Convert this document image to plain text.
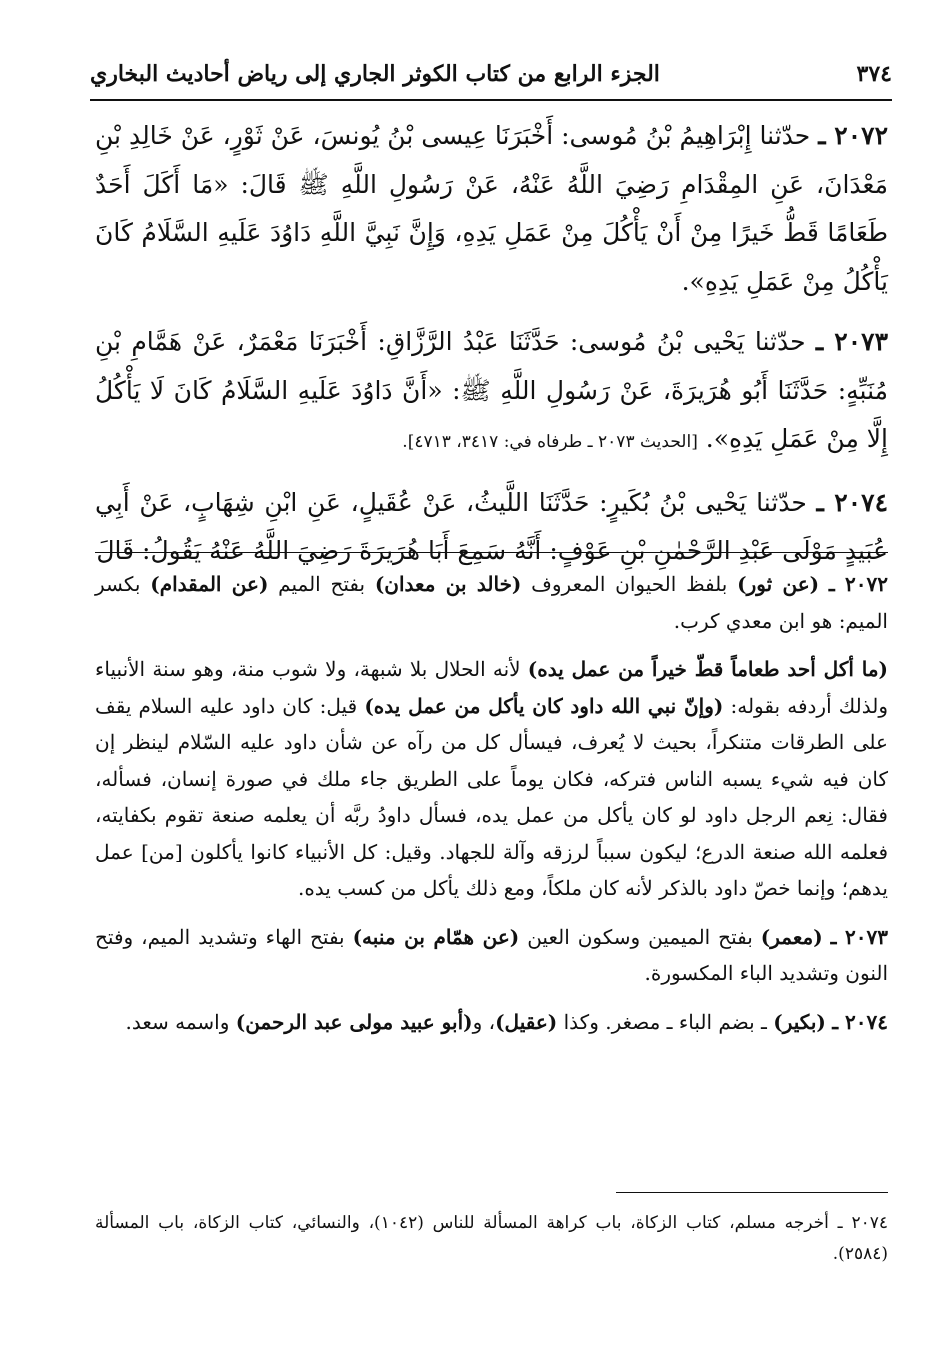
٣٧٤
الجزء الرابع من كتاب الكوثر الجاري إلى رياض أحاديث البخاري

٢٠٧٢ ـ حدّثنا إِبْرَاهِيمُ بْنُ مُوسى: أَخْبَرَنَا عِيسى بْنُ يُونسَ، عَنْ ثَوْرٍ، عَنْ خَالِدِ بْنِ مَعْدَانَ، عَنِ المِقْدَامِ رَضِيَ اللَّهُ عَنْهُ، عَنْ رَسُولِ اللَّهِ ﷺ قَالَ: «مَا أَكَلَ أَحَدٌ طَعَامًا قَطُّ خَيرًا مِنْ أَنْ يَأْكُلَ مِنْ عَمَلِ يَدِهِ، وَإِنَّ نَبِيَّ اللَّهِ دَاوُدَ عَلَيهِ السَّلَامُ كَانَ يَأْكُلُ مِنْ عَمَلِ يَدِهِ».

٢٠٧٣ ـ حدّثنا يَحْيى بْنُ مُوسى: حَدَّثَنَا عَبْدُ الرَّزَّاقِ: أَخْبَرَنَا مَعْمَرٌ، عَنْ هَمَّامِ بْنِ مُنَبِّهٍ: حَدَّثَنَا أَبُو هُرَيرَةَ، عَنْ رَسُولِ اللَّهِ ﷺ: «أَنَّ دَاوُدَ عَلَيهِ السَّلَامُ كَانَ لَا يَأْكُلُ إِلَّا مِنْ عَمَلِ يَدِهِ». [الحديث ٢٠٧٣ ـ طرفاه في: ٣٤١٧، ٤٧١٣].

٢٠٧٤ ـ حدّثنا يَحْيى بْنُ بُكَيرٍ: حَدَّثَنَا اللَّيثُ، عَنْ عُقَيلٍ، عَنِ ابْنِ شِهَابٍ، عَنْ أَبِي عُبَيدٍ مَوْلَى عَبْدِ الرَّحْمٰنِ بْنِ عَوْفٍ: أَنَّهُ سَمِعَ أَبَا هُرَيرَةَ رَضِيَ اللَّهُ عَنْهُ يَقُولُ: قَالَ

٢٠٧٢ ـ (عن ثور) بلفظ الحيوان المعروف (خالد بن معدان) بفتح الميم (عن المقدام) بكسر الميم: هو ابن معدي كرب.

(ما أكل أحد طعاماً قطّ خيراً من عمل يده) لأنه الحلال بلا شبهة، ولا شوب منة، وهو سنة الأنبياء ولذلك أردفه بقوله: (وإنّ نبي الله داود كان يأكل من عمل يده) قيل: كان داود عليه السلام يقف على الطرقات متنكراً، بحيث لا يُعرف، فيسأل كل من رآه عن شأن داود عليه السّلام لينظر إن كان فيه شيء يسبه الناس فتركه، فكان يوماً على الطريق جاء ملك في صورة إنسان، فسأله، فقال: نِعم الرجل داود لو كان يأكل من عمل يده، فسأل داودُ ربَّه أن يعلمه صنعة تقوم بكفايته، فعلمه الله صنعة الدرع؛ ليكون سبباً لرزقه وآلة للجهاد. وقيل: كل الأنبياء كانوا يأكلون [من] عمل يدهم؛ وإنما خصّ داود بالذكر لأنه كان ملكاً، ومع ذلك يأكل من كسب يده.

٢٠٧٣ ـ (معمر) بفتح الميمين وسكون العين (عن همّام بن منبه) بفتح الهاء وتشديد الميم، وفتح النون وتشديد الباء المكسورة.

٢٠٧٤ ـ (بكير) ـ بضم الباء ـ مصغر. وكذا (عقيل)، و(أبو عبيد مولى عبد الرحمن) واسمه سعد.

٢٠٧٤ ـ أخرجه مسلم، كتاب الزكاة، باب كراهة المسألة للناس (١٠٤٢)، والنسائي، كتاب الزكاة، باب المسألة (٢٥٨٤).
